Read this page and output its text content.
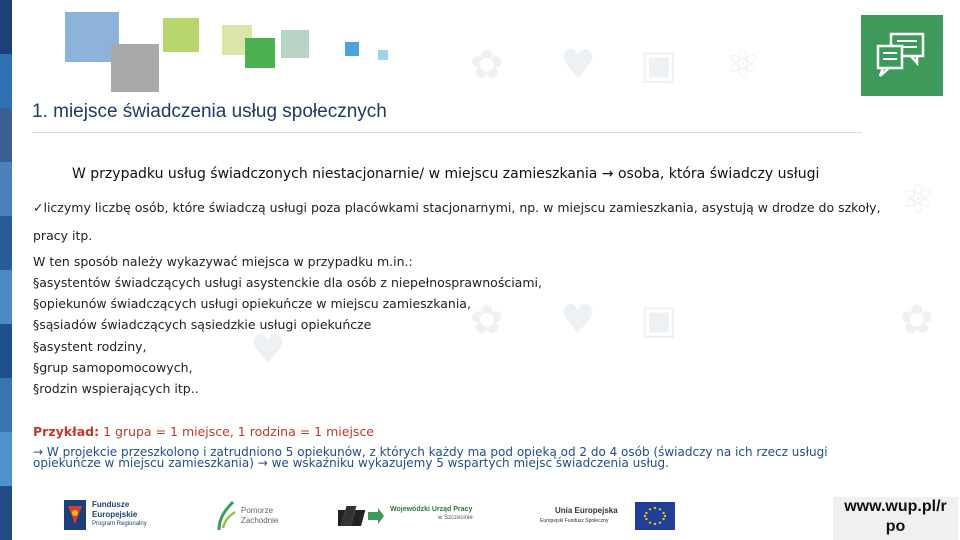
✿ ♥ ▣ ⚛
✿ ♥ ▣	✿
⚛
♥
1. miejsce świadczenia usług społecznych
W przypadku usług świadczonych niestacjonarnie/ w miejscu zamieszkania → osoba, która świadczy usługi
✓liczymy liczbę osób, które świadczą usługi poza placówkami stacjonarnymi, np. w miejscu zamieszkania, asystują w drodze do szkoły,
pracy itp.
W ten sposób należy wykazywać miejsca w przypadku m.in.:
§asystentów świadczących usługi asystenckie dla osób z niepełnosprawnościami,
§opiekunów świadczących usługi opiekuńcze w miejscu zamieszkania,
§sąsiadów świadczących sąsiedzkie usługi opiekuńcze
§asystent rodziny,
§grup samopomocowych,
§rodzin wspierających itp..
Przykład: 1 grupa = 1 miejsce, 1 rodzina = 1 miejsce
→ W projekcie przeszkolono i zatrudniono 5 opiekunów, z których każdy ma pod opieką od 2 do 4 osób (świadczy na ich rzecz usługi
opiekuńcze w miejscu zamieszkania) → we wskaźniku wykazujemy 5 wspartych miejsc świadczenia usług.
Fundusze
Europejskie
Program Regionalny
Pomorze
Zachodnie
Wojewódzki Urząd Pracy
w Szczecinie
Unia Europejska
Europejski Fundusz Społeczny
www.wup.pl/r po
